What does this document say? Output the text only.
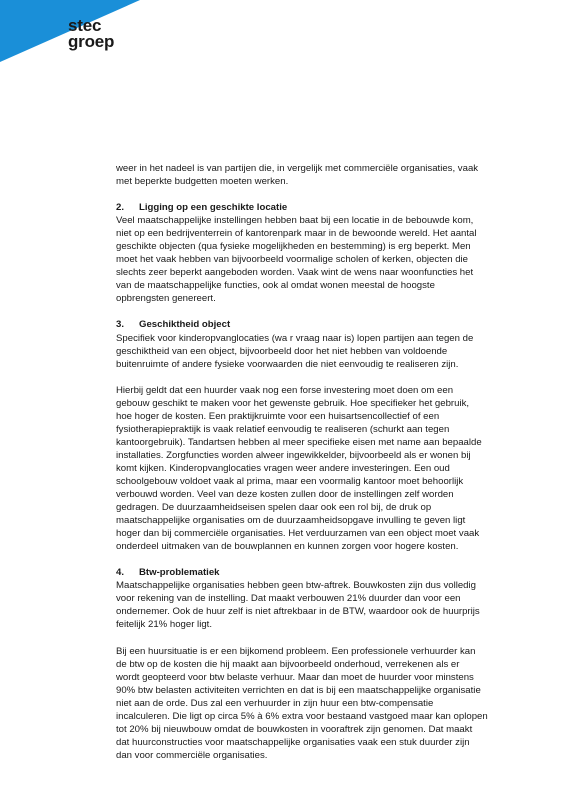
stec
groep
weer in het nadeel is van partijen die, in vergelijk met commerciële organisaties, vaak
met beperkte budgetten moeten werken.
2. Ligging op een geschikte locatie
Veel maatschappelijke instellingen hebben baat bij een locatie in de bebouwde kom,
niet op een bedrijventerrein of kantorenpark maar in de bewoonde wereld. Het aantal
geschikte objecten (qua fysieke mogelijkheden en bestemming) is erg beperkt. Men
moet het vaak hebben van bijvoorbeeld voormalige scholen of kerken, objecten die
slechts zeer beperkt aangeboden worden. Vaak wint de wens naar woonfuncties het
van de maatschappelijke functies, ook al omdat wonen meestal de hoogste
opbrengsten genereert.
3. Geschiktheid object
Specifiek voor kinderopvanglocaties (wa r vraag naar is) lopen partijen aan tegen de
geschiktheid van een object, bijvoorbeeld door het niet hebben van voldoende
buitenruimte of andere fysieke voorwaarden die niet eenvoudig te realiseren zijn.
Hierbij geldt dat een huurder vaak nog een forse investering moet doen om een
gebouw geschikt te maken voor het gewenste gebruik. Hoe specifieker het gebruik,
hoe hoger de kosten. Een praktijkruimte voor een huisartsencollectief of een
fysiotherapiepraktijk is vaak relatief eenvoudig te realiseren (schurkt aan tegen
kantoorgebruik). Tandartsen hebben al meer specifieke eisen met name aan bepaalde
installaties. Zorgfuncties worden alweer ingewikkelder, bijvoorbeeld als er wonen bij
komt kijken. Kinderopvanglocaties vragen weer andere investeringen. Een oud
schoolgebouw voldoet vaak al prima, maar een voormalig kantoor moet behoorlijk
verbouwd worden. Veel van deze kosten zullen door de instellingen zelf worden
gedragen. De duurzaamheidseisen spelen daar ook een rol bij, de druk op
maatschappelijke organisaties om de duurzaamheidsopgave invulling te geven ligt
hoger dan bij commerciële organisaties. Het verduurzamen van een object moet vaak
onderdeel uitmaken van de bouwplannen en kunnen zorgen voor hogere kosten.
4. Btw-problematiek
Maatschappelijke organisaties hebben geen btw-aftrek. Bouwkosten zijn dus volledig
voor rekening van de instelling. Dat maakt verbouwen 21% duurder dan voor een
ondernemer. Ook de huur zelf is niet aftrekbaar in de BTW, waardoor ook de huurprijs
feitelijk 21% hoger ligt.
Bij een huursituatie is er een bijkomend probleem. Een professionele verhuurder kan
de btw op de kosten die hij maakt aan bijvoorbeeld onderhoud, verrekenen als er
wordt geopteerd voor btw belaste verhuur. Maar dan moet de huurder voor minstens
90% btw belasten activiteiten verrichten en dat is bij een maatschappelijke organisatie
niet aan de orde. Dus zal een verhuurder in zijn huur een btw-compensatie
incalculeren. Die ligt op circa 5% à 6% extra voor bestaand vastgoed maar kan oplopen
tot 20% bij nieuwbouw omdat de bouwkosten in vooraftrek zijn genomen. Dat maakt
dat huurconstructies voor maatschappelijke organisaties vaak een stuk duurder zijn
dan voor commerciële organisaties.
